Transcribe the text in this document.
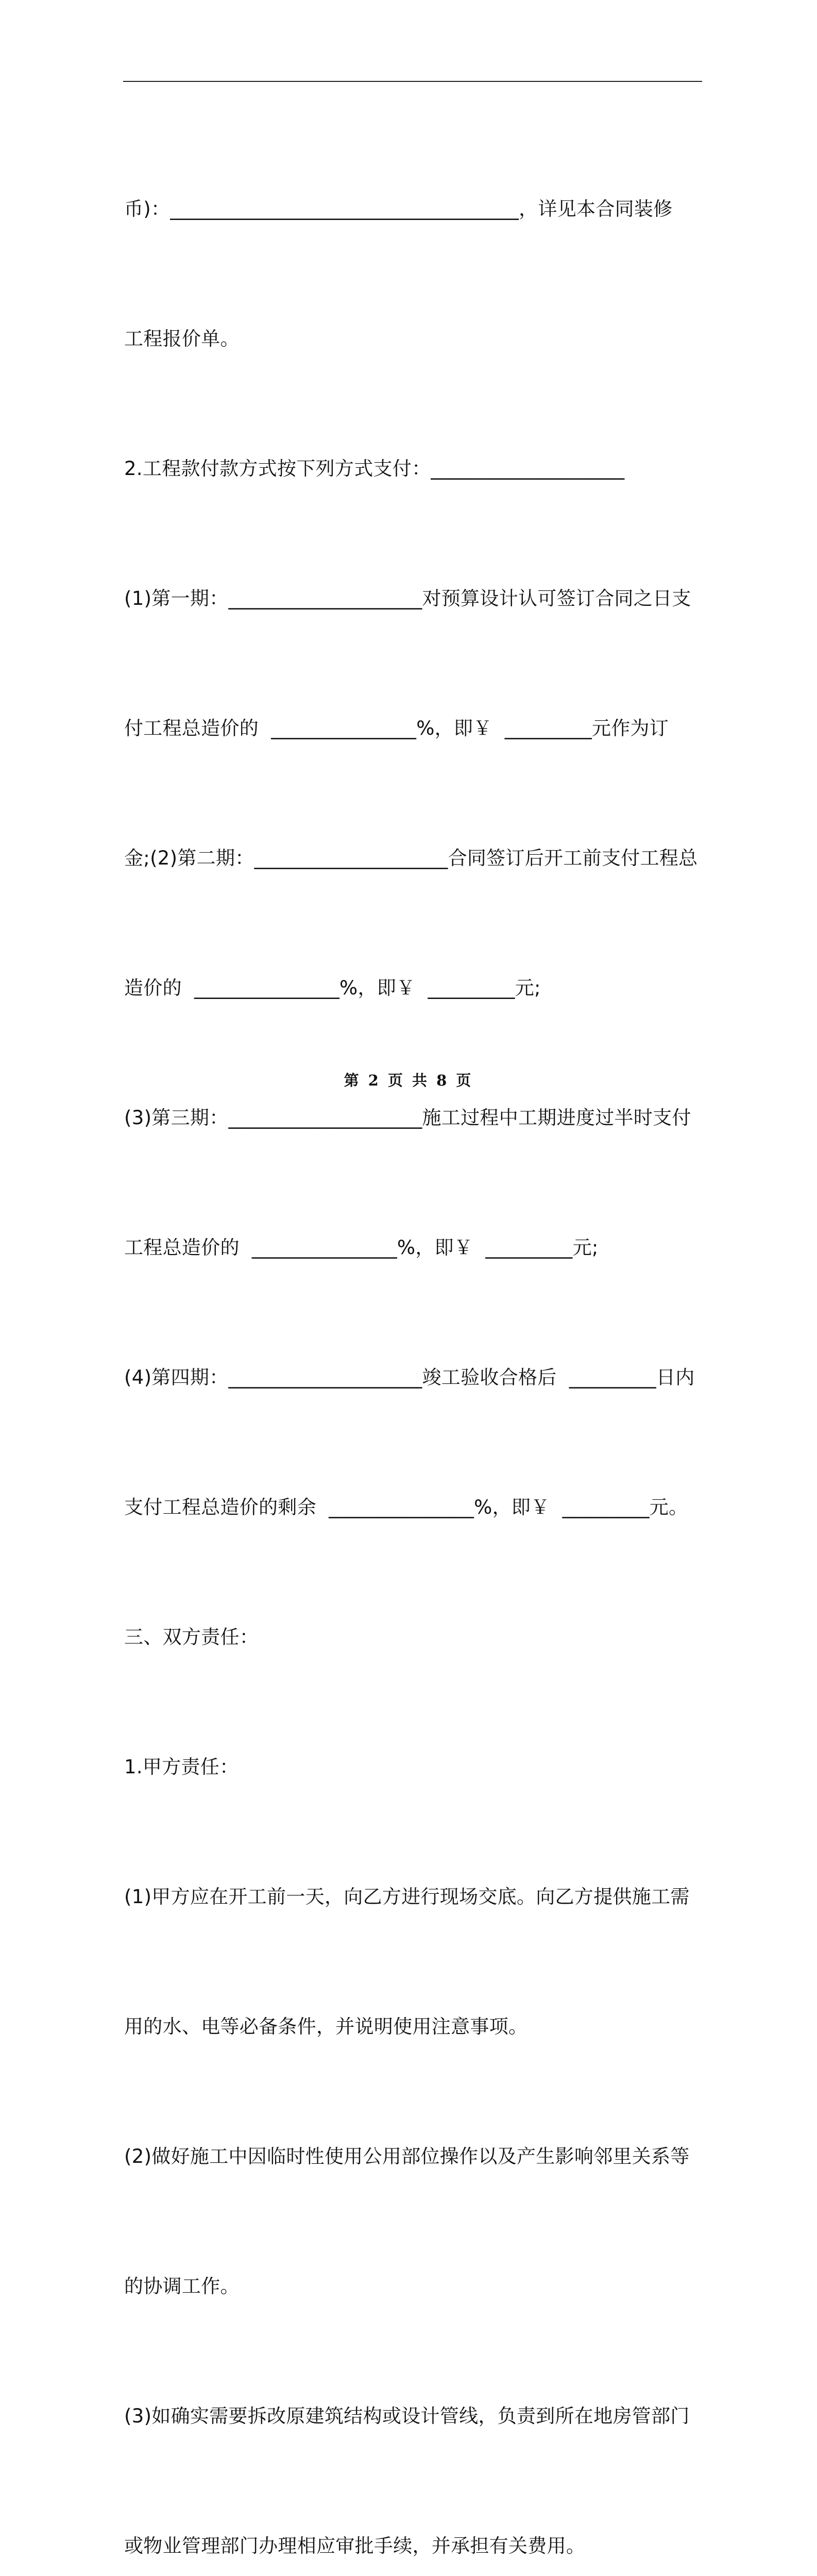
币)：____________________________________，详见本合同装修

工程报价单。

2.工程款付款方式按下列方式支付：____________________

(1)第一期：____________________对预算设计认可签订合同之日支

付工程总造价的  _______________%，即￥  _________元作为订

金;(2)第二期：____________________合同签订后开工前支付工程总

造价的  _______________%，即￥  _________元;

(3)第三期：____________________施工过程中工期进度过半时支付

工程总造价的  _______________%，即￥  _________元;

(4)第四期：____________________竣工验收合格后  _________日内

支付工程总造价的剩余  _______________%，即￥  _________元。

三、双方责任：

1.甲方责任：

(1)甲方应在开工前一天，向乙方进行现场交底。向乙方提供施工需

用的水、电等必备条件，并说明使用注意事项。

(2)做好施工中因临时性使用公用部位操作以及产生影响邻里关系等

的协调工作。

(3)如确实需要拆改原建筑结构或设计管线，负责到所在地房管部门

或物业管理部门办理相应审批手续，并承担有关费用。

第 2 页 共 8 页
